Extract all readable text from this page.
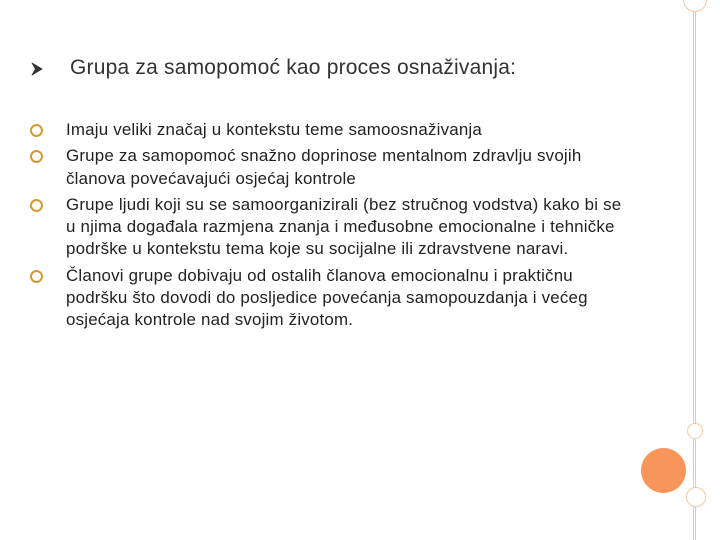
Grupa za samopomoć kao proces osnaživanja:
Imaju veliki značaj u kontekstu teme samoosnaživanja
Grupe za samopomoć snažno doprinose mentalnom zdravlju svojih članova povećavajući osjećaj kontrole
Grupe ljudi koji su se samoorganizirali (bez stručnog vodstva) kako bi se u njima događala razmjena znanja i međusobne emocionalne i tehničke podrške u kontekstu tema koje su socijalne ili zdravstvene naravi.
Članovi grupe dobivaju od ostalih članova emocionalnu i praktičnu podršku što dovodi do posljedice povećanja samopouzdanja i većeg osjećaja kontrole nad svojim životom.
